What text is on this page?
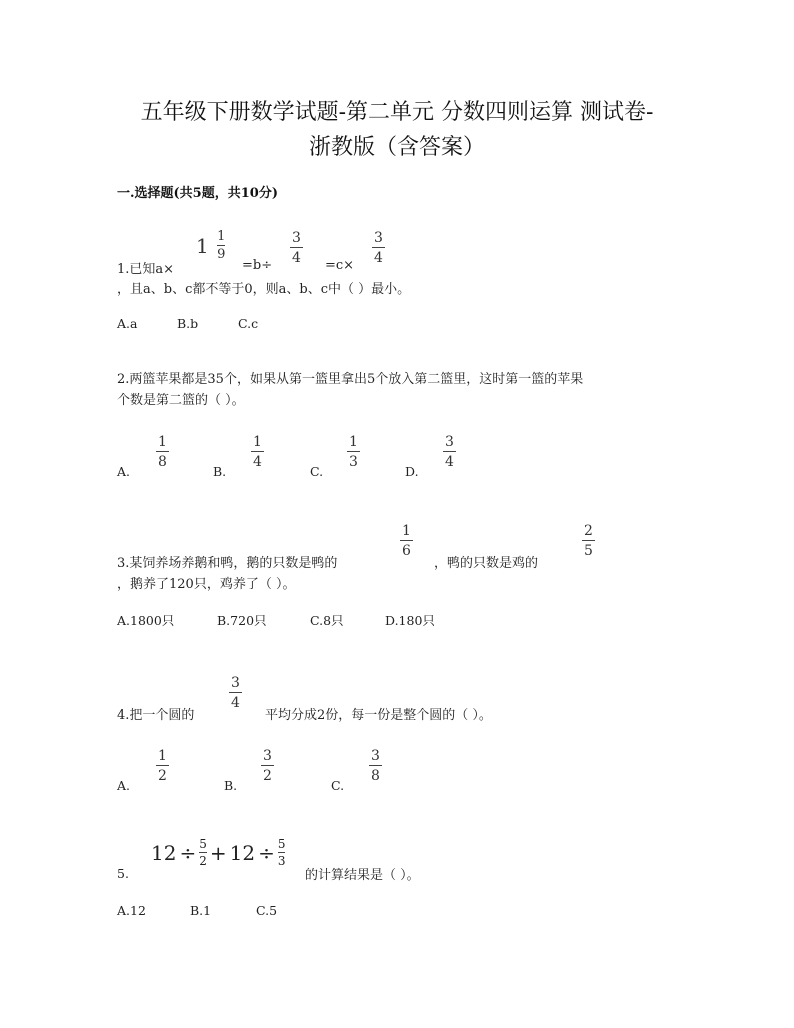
五年级下册数学试题-第二单元 分数四则运算 测试卷-
浙教版（含答案）
一.选择题(共5题，共10分)
$1 \frac{1}{9}$	3
4
3
4
1.已知a×	=b÷	=c×
，且a、b、c都不等于0，则a、b、c中（ ）最小。
A.a	B.b	C.c
2.两篮苹果都是35个，如果从第一篮里拿出5个放入第二篮里，这时第一篮的苹果
个数是第二篮的（ ）。
A.
1
8
B.
1
4
C.
1
3
D.
3
4
1
6
2
5
3.某饲养场养鹅和鸭，鹅的只数是鸭的	，鸭的只数是鸡的
，鹅养了120只，鸡养了（ ）。
A.1800只	B.720只	C.8只	D.180只
3
4
4.把一个圆的	平均分成2份，每一份是整个圆的（ ）。
A.
1
2
B.
3
2
C.
3
8
5.
12 ÷ 5
2 + 12 ÷ 5
3
的计算结果是（ ）。
A.12	B.1	C.5
